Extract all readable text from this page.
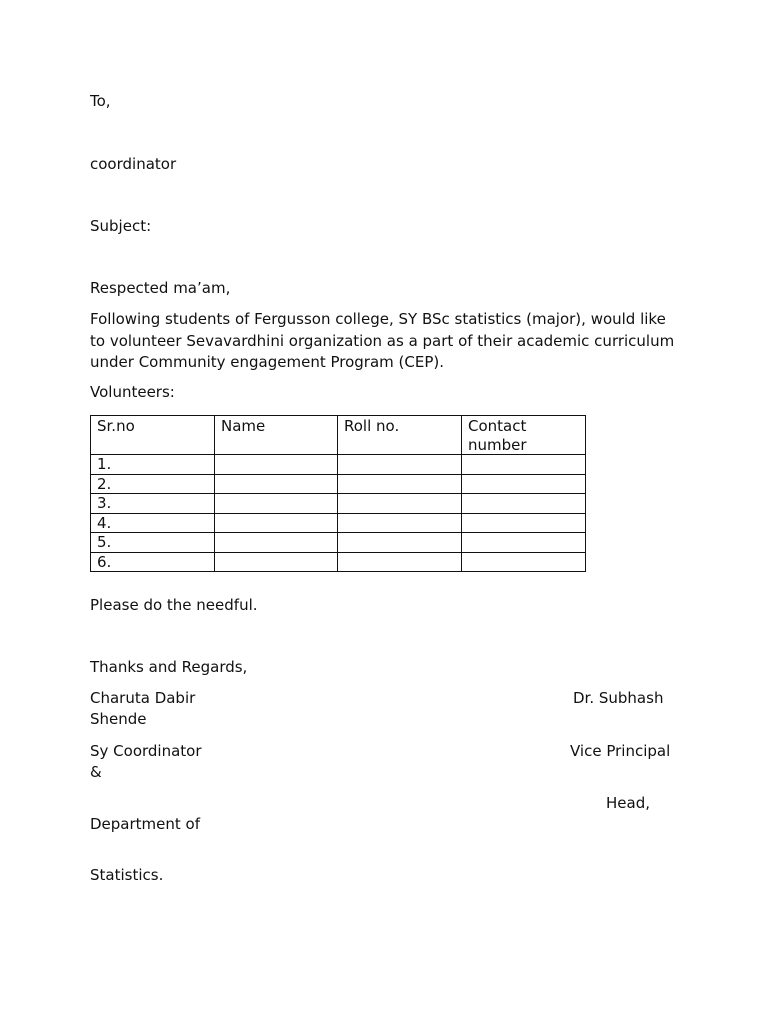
To,
coordinator
Subject:
Respected ma’am,
Following students of Fergusson college, SY BSc statistics (major), would like to volunteer Sevavardhini organization as a part of their academic curriculum under Community engagement Program (CEP).
Volunteers:
Sr.no	Name	Roll no.	Contact number
1.			
2.			
3.			
4.			
5.			
6.			
Please do the needful.
Thanks and Regards,
Charuta Dabir	Dr. Subhash
Shende
Sy Coordinator	Vice Principal
&
Head,
Department of
Statistics.
